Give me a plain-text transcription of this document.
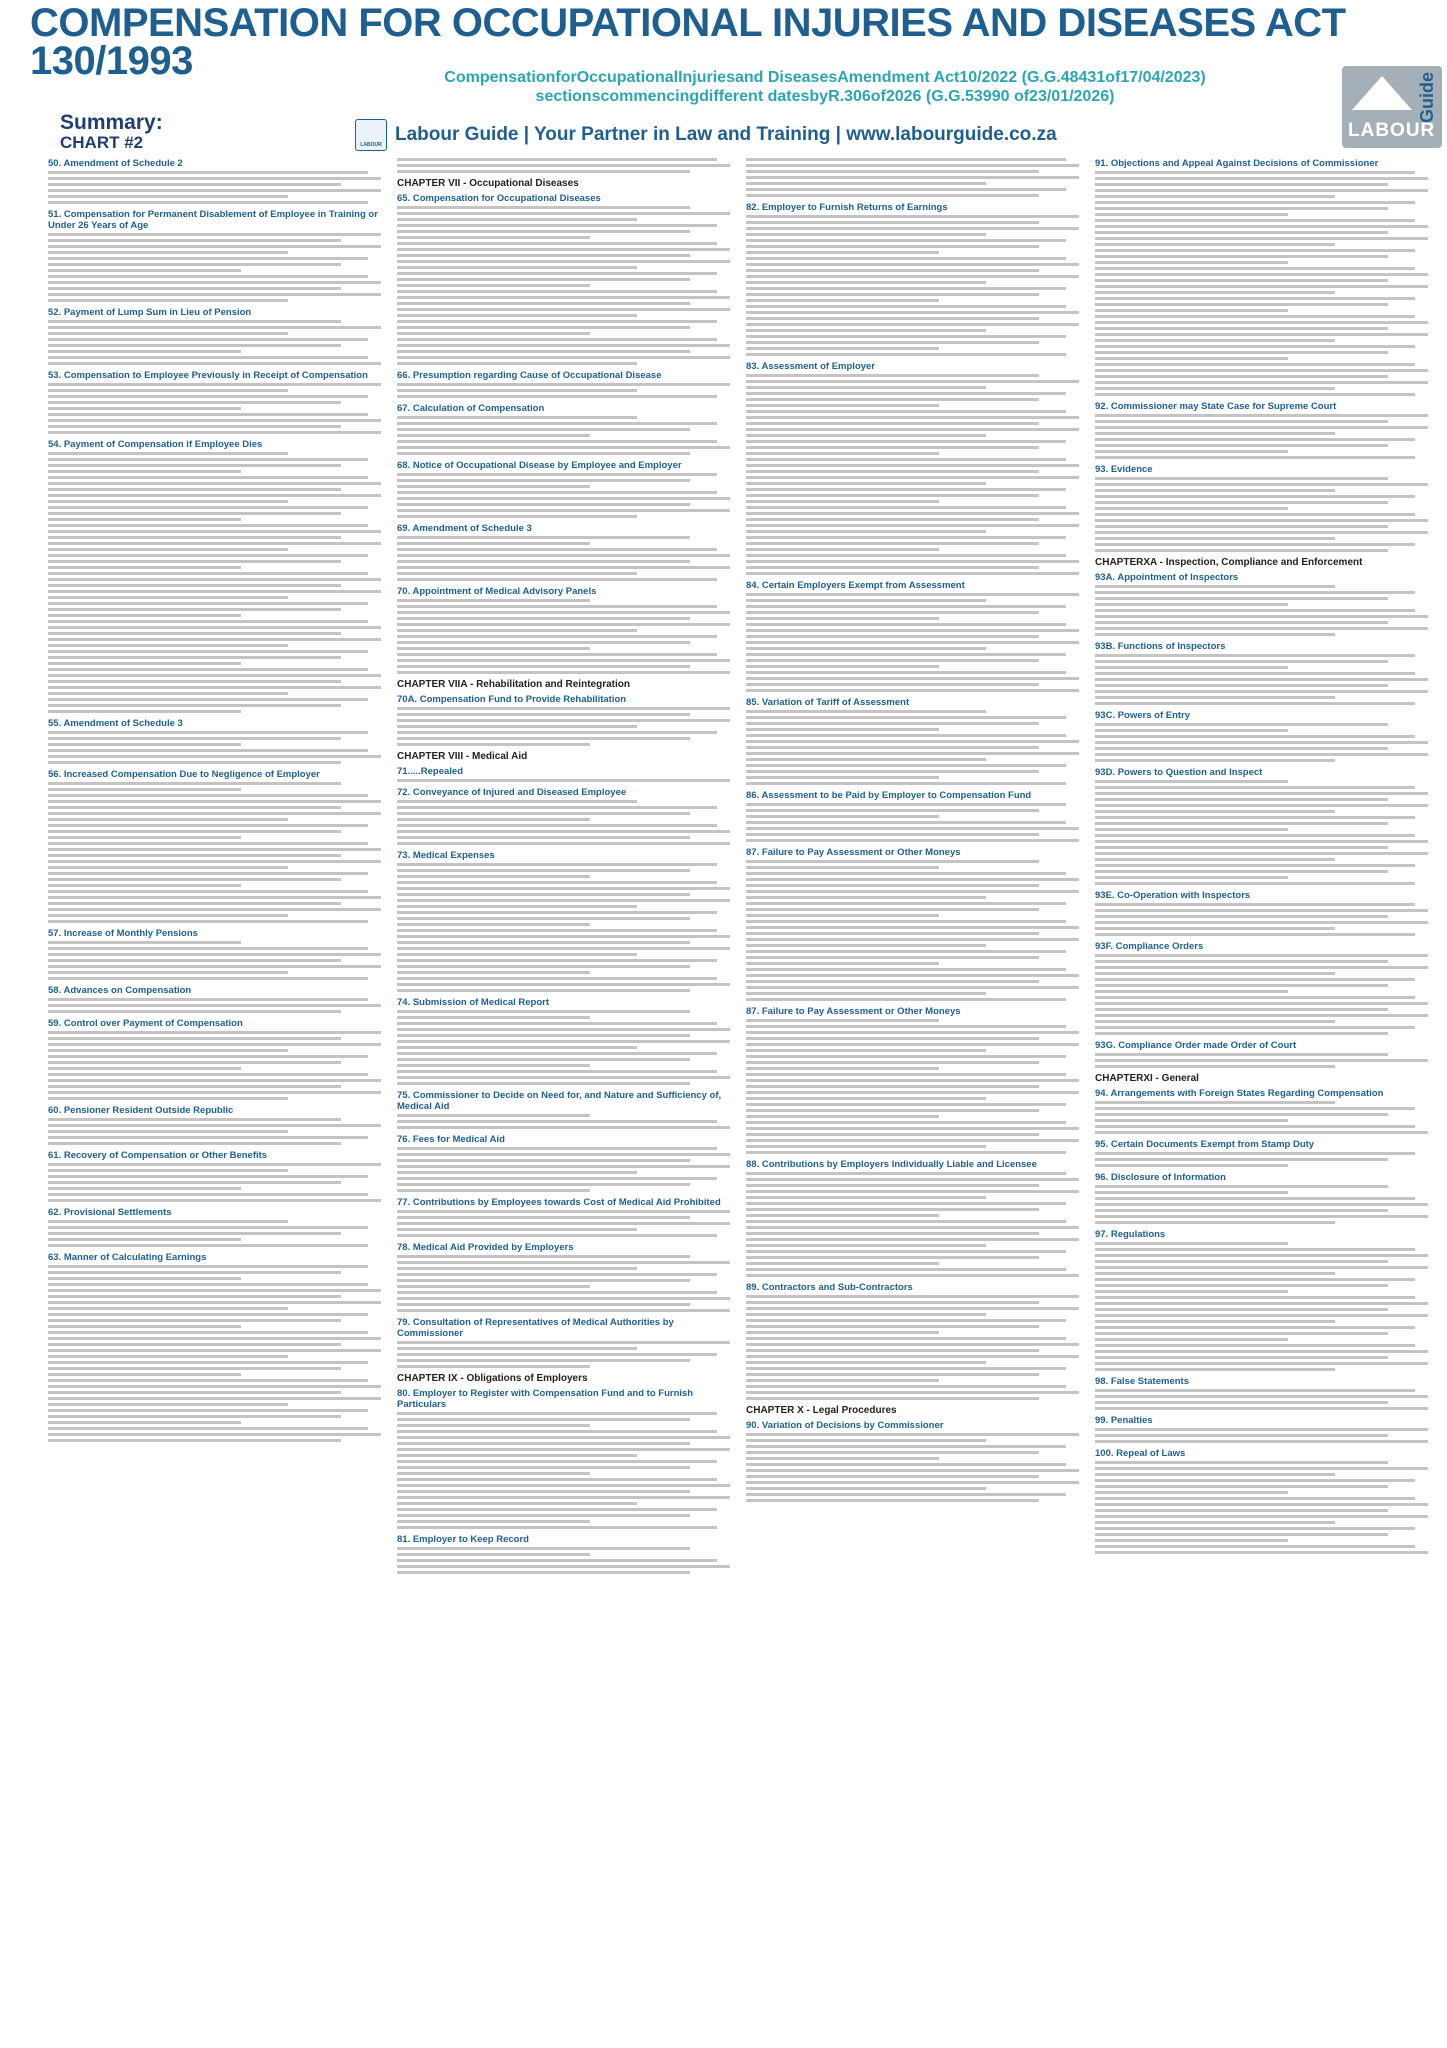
COMPENSATION FOR OCCUPATIONAL INJURIES AND DISEASES ACT 130/1993	CompensationforOccupationalInjuriesand DiseasesAmendment Act10/2022 (G.G.48431of17/04/2023)
sectionscommencingdifferent datesbyR.306of2026 (G.G.53990 of23/01/2026)
Summary:
CHART #2	LABOUR Labour Guide | Your Partner in Law and Training | www.labourguide.co.za
Guide
LABOUR
50. Amendment of Schedule 2
51. Compensation for Permanent Disablement of Employee in Training or Under 26 Years of Age
52. Payment of Lump Sum in Lieu of Pension
53. Compensation to Employee Previously in Receipt of Compensation
54. Payment of Compensation if Employee Dies
55. Amendment of Schedule 3
56. Increased Compensation Due to Negligence of Employer
57. Increase of Monthly Pensions
58. Advances on Compensation
59. Control over Payment of Compensation
60. Pensioner Resident Outside Republic
61. Recovery of Compensation or Other Benefits
62. Provisional Settlements
63. Manner of Calculating Earnings
CHAPTER VII - Occupational Diseases
65. Compensation for Occupational Diseases
66. Presumption regarding Cause of Occupational Disease
67. Calculation of Compensation
68. Notice of Occupational Disease by Employee and Employer
69. Amendment of Schedule 3
70. Appointment of Medical Advisory Panels
CHAPTER VIIA - Rehabilitation and Reintegration
70A. Compensation Fund to Provide Rehabilitation
CHAPTER VIII - Medical Aid
71.....Repealed
72. Conveyance of Injured and Diseased Employee
73. Medical Expenses
74. Submission of Medical Report
75. Commissioner to Decide on Need for, and Nature and Sufficiency of, Medical Aid
76. Fees for Medical Aid
77. Contributions by Employees towards Cost of Medical Aid Prohibited
78. Medical Aid Provided by Employers
79. Consultation of Representatives of Medical Authorities by Commissioner
CHAPTER IX - Obligations of Employers
80. Employer to Register with Compensation Fund and to Furnish Particulars
81. Employer to Keep Record
82. Employer to Furnish Returns of Earnings
83. Assessment of Employer
84. Certain Employers Exempt from Assessment
85. Variation of Tariff of Assessment
86. Assessment to be Paid by Employer to Compensation Fund
87. Failure to Pay Assessment or Other Moneys
87. Failure to Pay Assessment or Other Moneys
88. Contributions by Employers Individually Liable and Licensee
89. Contractors and Sub-Contractors
CHAPTER X - Legal Procedures
90. Variation of Decisions by Commissioner
91. Objections and Appeal Against Decisions of Commissioner
92. Commissioner may State Case for Supreme Court
93. Evidence
CHAPTERXA - Inspection, Compliance and Enforcement
93A. Appointment of Inspectors
93B. Functions of Inspectors
93C. Powers of Entry
93D. Powers to Question and Inspect
93E. Co-Operation with Inspectors
93F. Compliance Orders
93G. Compliance Order made Order of Court
CHAPTERXI - General
94. Arrangements with Foreign States Regarding Compensation
95. Certain Documents Exempt from Stamp Duty
96. Disclosure of Information
97. Regulations
98. False Statements
99. Penalties
100. Repeal of Laws
